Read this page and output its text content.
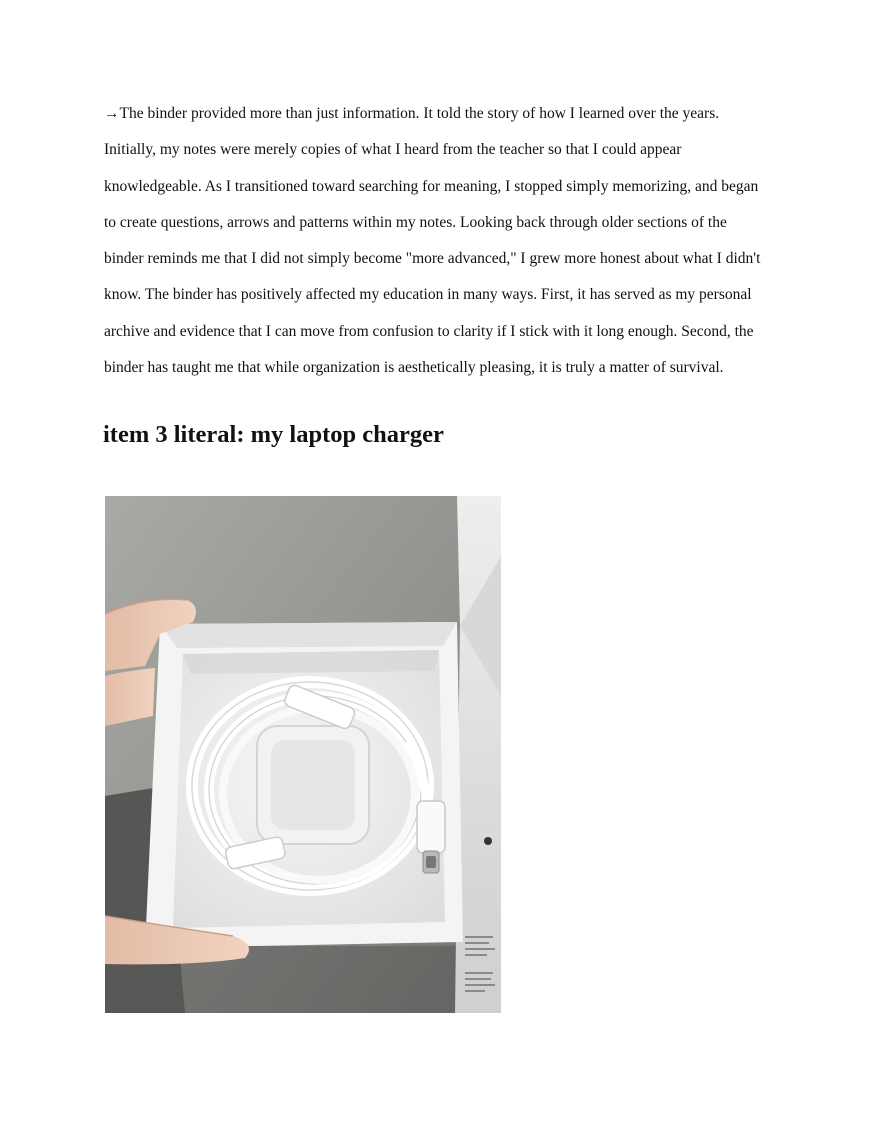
→The binder provided more than just information. It told the story of how I learned over the years.
Initially, my notes were merely copies of what I heard from the teacher so that I could appear
knowledgeable. As I transitioned toward searching for meaning, I stopped simply memorizing, and began
to create questions, arrows and patterns within my notes. Looking back through older sections of the
binder reminds me that I did not simply become "more advanced," I grew more honest about what I didn't
know. The binder has positively affected my education in many ways. First, it has served as my personal
archive and evidence that I can move from confusion to clarity if I stick with it long enough. Second, the
binder has taught me that while organization is aesthetically pleasing, it is truly a matter of survival.

item 3 literal: my laptop charger
